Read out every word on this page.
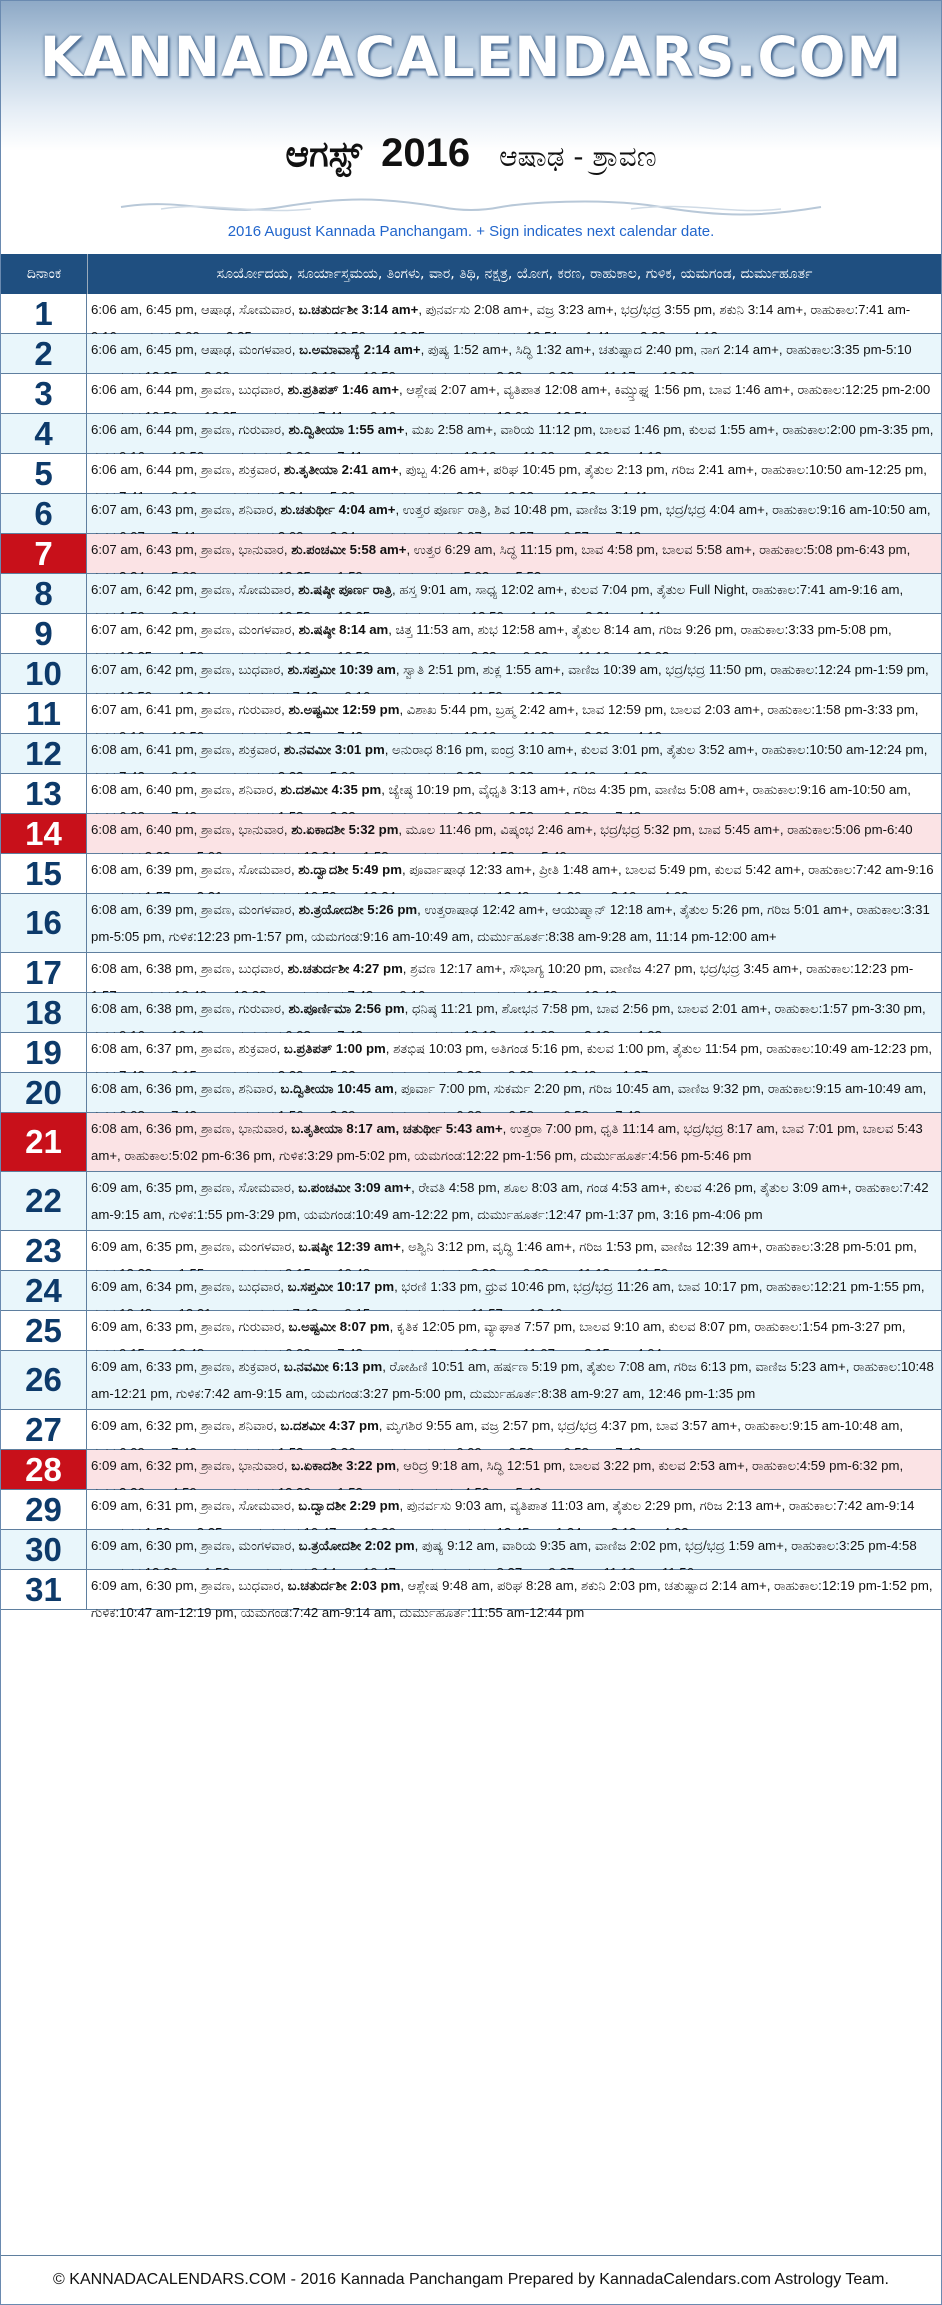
KANNADACALENDARS.COM
ಆಗಸ್ಟ್ 2016 ಆಷಾಢ - ಶ್ರಾವಣ
2016 August Kannada Panchangam. + Sign indicates next calendar date.
ದಿನಾಂಕ	ಸೂರ್ಯೋದಯ, ಸೂರ್ಯಾಸ್ತಮಯ, ತಿಂಗಳು, ವಾರ, ತಿಥಿ, ನಕ್ಷತ್ರ, ಯೋಗ, ಕರಣ, ರಾಹುಕಾಲ, ಗುಳಿಕ, ಯಮಗಂಡ, ದುರ್ಮುಹೂರ್ತ
1	6:06 am, 6:45 pm, ಆಷಾಢ, ಸೋಮವಾರ, ಬ.ಚತುರ್ದಶೀ 3:14 am+, ಪುನರ್ವಸು 2:08 am+, ವಜ್ರ 3:23 am+, ಭದ್ರ/ಭದ್ರ 3:55 pm, ಶಕುನಿ 3:14 am+, ರಾಹುಕಾಲ:7:41 am-
2	6:06 am, 6:45 pm, ಆಷಾಢ, ಮಂಗಳವಾರ, ಬ.ಅಮಾವಾಸ್ಯೆ 2:14 am+, ಪುಷ್ಯ 1:52 am+, ಸಿದ್ಧಿ 1:32 am+, ಚತುಷ್ಪಾದ 2:40 pm, ನಾಗ 2:14 am+, ರಾಹುಕಾಲ:3:35 pm-5:10
3	6:06 am, 6:44 pm, ಶ್ರಾವಣ, ಬುಧವಾರ, ಶು.ಪ್ರತಿಪತ್ 1:46 am+, ಆಶ್ಲೇಷ 2:07 am+, ವ್ಯತಿಪಾತ 12:08 am+, ಕಿಮ್ಸ್ತುಘ್ನ 1:56 pm, ಬಾವ 1:46 am+, ರಾಹುಕಾಲ:12:25 pm-2:00
4	6:06 am, 6:44 pm, ಶ್ರಾವಣ, ಗುರುವಾರ, ಶು.ದ್ವಿತೀಯಾ 1:55 am+, ಮಖ 2:58 am+, ವಾರಿಯ 11:12 pm, ಬಾಲವ 1:46 pm, ಕುಲವ 1:55 am+, ರಾಹುಕಾಲ:2:00 pm-3:35 pm,
5	6:06 am, 6:44 pm, ಶ್ರಾವಣ, ಶುಕ್ರವಾರ, ಶು.ತೃತೀಯಾ 2:41 am+, ಪುಬ್ಬ 4:26 am+, ಪರಿಘ 10:45 pm, ತೈತುಲ 2:13 pm, ಗರಿಜ 2:41 am+, ರಾಹುಕಾಲ:10:50 am-12:25 pm,
6	6:07 am, 6:43 pm, ಶ್ರಾವಣ, ಶನಿವಾರ, ಶು.ಚತುರ್ಥೀ 4:04 am+, ಉತ್ತರ ಪೂರ್ಣ ರಾತ್ರಿ, ಶಿವ 10:48 pm, ವಾಣಿಜ 3:19 pm, ಭದ್ರ/ಭದ್ರ 4:04 am+, ರಾಹುಕಾಲ:9:16 am-10:50 am,
7	6:07 am, 6:43 pm, ಶ್ರಾವಣ, ಭಾನುವಾರ, ಶು.ಪಂಚಮೀ 5:58 am+, ಉತ್ತರ 6:29 am, ಸಿದ್ಧ 11:15 pm, ಬಾವ 4:58 pm, ಬಾಲವ 5:58 am+, ರಾಹುಕಾಲ:5:08 pm-6:43 pm,
8	6:07 am, 6:42 pm, ಶ್ರಾವಣ, ಸೋಮವಾರ, ಶು.ಷಷ್ಠೀ ಪೂರ್ಣ ರಾತ್ರಿ, ಹಸ್ತ 9:01 am, ಸಾಧ್ಯ 12:02 am+, ಕುಲವ 7:04 pm, ತೈತುಲ Full Night, ರಾಹುಕಾಲ:7:41 am-9:16 am,
9	6:07 am, 6:42 pm, ಶ್ರಾವಣ, ಮಂಗಳವಾರ, ಶು.ಷಷ್ಠೀ 8:14 am, ಚಿತ್ತ 11:53 am, ಶುಭ 12:58 am+, ತೈತುಲ 8:14 am, ಗರಿಜ 9:26 pm, ರಾಹುಕಾಲ:3:33 pm-5:08 pm,
10	6:07 am, 6:42 pm, ಶ್ರಾವಣ, ಬುಧವಾರ, ಶು.ಸಪ್ತಮೀ 10:39 am, ಸ್ವಾತಿ 2:51 pm, ಶುಕ್ಲ 1:55 am+, ವಾಣಿಜ 10:39 am, ಭದ್ರ/ಭದ್ರ 11:50 pm, ರಾಹುಕಾಲ:12:24 pm-1:59 pm,
11	6:07 am, 6:41 pm, ಶ್ರಾವಣ, ಗುರುವಾರ, ಶು.ಅಷ್ಟಮೀ 12:59 pm, ವಿಶಾಖ 5:44 pm, ಬ್ರಹ್ಮ 2:42 am+, ಬಾವ 12:59 pm, ಬಾಲವ 2:03 am+, ರಾಹುಕಾಲ:1:58 pm-3:33 pm,
12	6:08 am, 6:41 pm, ಶ್ರಾವಣ, ಶುಕ್ರವಾರ, ಶು.ನವಮೀ 3:01 pm, ಅನುರಾಧ 8:16 pm, ಐಂದ್ರ 3:10 am+, ಕುಲವ 3:01 pm, ತೈತುಲ 3:52 am+, ರಾಹುಕಾಲ:10:50 am-12:24 pm,
13	6:08 am, 6:40 pm, ಶ್ರಾವಣ, ಶನಿವಾರ, ಶು.ದಶಮೀ 4:35 pm, ಜ್ಯೇಷ್ಠ 10:19 pm, ವೈಧೃತಿ 3:13 am+, ಗರಿಜ 4:35 pm, ವಾಣಿಜ 5:08 am+, ರಾಹುಕಾಲ:9:16 am-10:50 am,
14	6:08 am, 6:40 pm, ಶ್ರಾವಣ, ಭಾನುವಾರ, ಶು.ಏಕಾದಶೀ 5:32 pm, ಮೂಲ 11:46 pm, ವಿಷ್ಕಂಭ 2:46 am+, ಭದ್ರ/ಭದ್ರ 5:32 pm, ಬಾವ 5:45 am+, ರಾಹುಕಾಲ:5:06 pm-6:40
15	6:08 am, 6:39 pm, ಶ್ರಾವಣ, ಸೋಮವಾರ, ಶು.ದ್ವಾದಶೀ 5:49 pm, ಪೂರ್ವಾಷಾಢ 12:33 am+, ಪ್ರೀತಿ 1:48 am+, ಬಾಲವ 5:49 pm, ಕುಲವ 5:42 am+, ರಾಹುಕಾಲ:7:42 am-9:16
16	6:08 am, 6:39 pm, ಶ್ರಾವಣ, ಮಂಗಳವಾರ, ಶು.ತ್ರಯೋದಶೀ 5:26 pm, ಉತ್ತರಾಷಾಢ 12:42 am+, ಆಯುಷ್ಮಾನ್ 12:18 am+, ತೈತುಲ 5:26 pm, ಗರಿಜ 5:01 am+, ರಾಹುಕಾಲ:3:31 pm-5:05 pm, ಗುಳಿಕ:12:23 pm-1:57 pm, ಯಮಗಂಡ:9:16 am-10:49 am, ದುರ್ಮುಹೂರ್ತ:8:38 am-9:28 am, 11:14 pm-12:00 am+
17	6:08 am, 6:38 pm, ಶ್ರಾವಣ, ಬುಧವಾರ, ಶು.ಚತುರ್ದಶೀ 4:27 pm, ಶ್ರವಣ 12:17 am+, ಸೌಭಾಗ್ಯ 10:20 pm, ವಾಣಿಜ 4:27 pm, ಭದ್ರ/ಭದ್ರ 3:45 am+, ರಾಹುಕಾಲ:12:23 pm-
18	6:08 am, 6:38 pm, ಶ್ರಾವಣ, ಗುರುವಾರ, ಶು.ಪೂರ್ಣಿಮಾ 2:56 pm, ಧನಿಷ್ಠ 11:21 pm, ಶೋಭನ 7:58 pm, ಬಾವ 2:56 pm, ಬಾಲವ 2:01 am+, ರಾಹುಕಾಲ:1:57 pm-3:30 pm,
19	6:08 am, 6:37 pm, ಶ್ರಾವಣ, ಶುಕ್ರವಾರ, ಬ.ಪ್ರತಿಪತ್ 1:00 pm, ಶತಭಿಷ 10:03 pm, ಅತಿಗಂಡ 5:16 pm, ಕುಲವ 1:00 pm, ತೈತುಲ 11:54 pm, ರಾಹುಕಾಲ:10:49 am-12:23 pm,
20	6:08 am, 6:36 pm, ಶ್ರಾವಣ, ಶನಿವಾರ, ಬ.ದ್ವಿತೀಯಾ 10:45 am, ಪೂರ್ವಾ 7:00 pm, ಸುಕರ್ಮ 2:20 pm, ಗರಿಜ 10:45 am, ವಾಣಿಜ 9:32 pm, ರಾಹುಕಾಲ:9:15 am-10:49 am,
21	6:08 am, 6:36 pm, ಶ್ರಾವಣ, ಭಾನುವಾರ, ಬ.ತೃತೀಯಾ 8:17 am, ಚತುರ್ಥೀ 5:43 am+, ಉತ್ತರಾ 7:00 pm, ಧೃತಿ 11:14 am, ಭದ್ರ/ಭದ್ರ 8:17 am, ಬಾವ 7:01 pm, ಬಾಲವ 5:43 am+, ರಾಹುಕಾಲ:5:02 pm-6:36 pm, ಗುಳಿಕ:3:29 pm-5:02 pm, ಯಮಗಂಡ:12:22 pm-1:56 pm, ದುರ್ಮುಹೂರ್ತ:4:56 pm-5:46 pm
22	6:09 am, 6:35 pm, ಶ್ರಾವಣ, ಸೋಮವಾರ, ಬ.ಪಂಚಮೀ 3:09 am+, ರೇವತಿ 4:58 pm, ಶೂಲ 8:03 am, ಗಂಡ 4:53 am+, ಕುಲವ 4:26 pm, ತೈತುಲ 3:09 am+, ರಾಹುಕಾಲ:7:42 am-9:15 am, ಗುಳಿಕ:1:55 pm-3:29 pm, ಯಮಗಂಡ:10:49 am-12:22 pm, ದುರ್ಮುಹೂರ್ತ:12:47 pm-1:37 pm, 3:16 pm-4:06 pm
23	6:09 am, 6:35 pm, ಶ್ರಾವಣ, ಮಂಗಳವಾರ, ಬ.ಷಷ್ಠೀ 12:39 am+, ಅಶ್ವಿನಿ 3:12 pm, ವೃದ್ಧಿ 1:46 am+, ಗರಿಜ 1:53 pm, ವಾಣಿಜ 12:39 am+, ರಾಹುಕಾಲ:3:28 pm-5:01 pm,
24	6:09 am, 6:34 pm, ಶ್ರಾವಣ, ಬುಧವಾರ, ಬ.ಸಪ್ತಮೀ 10:17 pm, ಭರಣಿ 1:33 pm, ಧ್ರುವ 10:46 pm, ಭದ್ರ/ಭದ್ರ 11:26 am, ಬಾವ 10:17 pm, ರಾಹುಕಾಲ:12:21 pm-1:55 pm,
25	6:09 am, 6:33 pm, ಶ್ರಾವಣ, ಗುರುವಾರ, ಬ.ಅಷ್ಟಮೀ 8:07 pm, ಕೃತಿಕ 12:05 pm, ವ್ಯಾಘಾತ 7:57 pm, ಬಾಲವ 9:10 am, ಕುಲವ 8:07 pm, ರಾಹುಕಾಲ:1:54 pm-3:27 pm,
26	6:09 am, 6:33 pm, ಶ್ರಾವಣ, ಶುಕ್ರವಾರ, ಬ.ನವಮೀ 6:13 pm, ರೋಹಿಣಿ 10:51 am, ಹರ್ಷಣ 5:19 pm, ತೈತುಲ 7:08 am, ಗರಿಜ 6:13 pm, ವಾಣಿಜ 5:23 am+, ರಾಹುಕಾಲ:10:48 am-12:21 pm, ಗುಳಿಕ:7:42 am-9:15 am, ಯಮಗಂಡ:3:27 pm-5:00 pm, ದುರ್ಮುಹೂರ್ತ:8:38 am-9:27 am, 12:46 pm-1:35 pm
27	6:09 am, 6:32 pm, ಶ್ರಾವಣ, ಶನಿವಾರ, ಬ.ದಶಮೀ 4:37 pm, ಮೃಗಶಿರ 9:55 am, ವಜ್ರ 2:57 pm, ಭದ್ರ/ಭದ್ರ 4:37 pm, ಬಾವ 3:57 am+, ರಾಹುಕಾಲ:9:15 am-10:48 am,
28	6:09 am, 6:32 pm, ಶ್ರಾವಣ, ಭಾನುವಾರ, ಬ.ಏಕಾದಶೀ 3:22 pm, ಆರಿದ್ರ 9:18 am, ಸಿದ್ಧಿ 12:51 pm, ಬಾಲವ 3:22 pm, ಕುಲವ 2:53 am+, ರಾಹುಕಾಲ:4:59 pm-6:32 pm,
29	6:09 am, 6:31 pm, ಶ್ರಾವಣ, ಸೋಮವಾರ, ಬ.ದ್ವಾದಶೀ 2:29 pm, ಪುನರ್ವಸು 9:03 am, ವ್ಯತಿಪಾತ 11:03 am, ತೈತುಲ 2:29 pm, ಗರಿಜ 2:13 am+, ರಾಹುಕಾಲ:7:42 am-9:14
30	6:09 am, 6:30 pm, ಶ್ರಾವಣ, ಮಂಗಳವಾರ, ಬ.ತ್ರಯೋದಶೀ 2:02 pm, ಪುಷ್ಯ 9:12 am, ವಾರಿಯ 9:35 am, ವಾಣಿಜ 2:02 pm, ಭದ್ರ/ಭದ್ರ 1:59 am+, ರಾಹುಕಾಲ:3:25 pm-4:58
31	6:09 am, 6:30 pm, ಶ್ರಾವಣ, ಬುಧವಾರ, ಬ.ಚತುರ್ದಶೀ 2:03 pm, ಆಶ್ಲೇಷ 9:48 am, ಪರಿಘ 8:28 am, ಶಕುನಿ 2:03 pm, ಚತುಷ್ಪಾದ 2:14 am+, ರಾಹುಕಾಲ:12:19 pm-1:52 pm, ಗುಳಿಕ:10:47 am-12:19 pm, ಯಮಗಂಡ:7:42 am-9:14 am, ದುರ್ಮುಹೂರ್ತ:11:55 am-12:44 pm
© KANNADACALENDARS.COM - 2016 Kannada Panchangam Prepared by KannadaCalendars.com Astrology Team.
